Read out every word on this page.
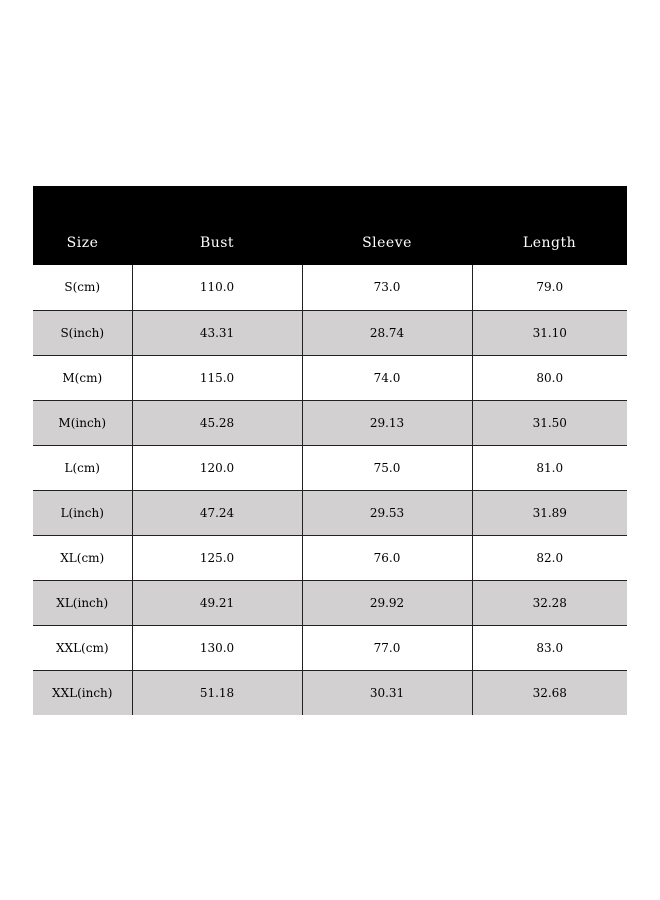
Size	Bust	Sleeve	Length
S(cm)	110.0	73.0	79.0
S(inch)	43.31	28.74	31.10
M(cm)	115.0	74.0	80.0
M(inch)	45.28	29.13	31.50
L(cm)	120.0	75.0	81.0
L(inch)	47.24	29.53	31.89
XL(cm)	125.0	76.0	82.0
XL(inch)	49.21	29.92	32.28
XXL(cm)	130.0	77.0	83.0
XXL(inch)	51.18	30.31	32.68
